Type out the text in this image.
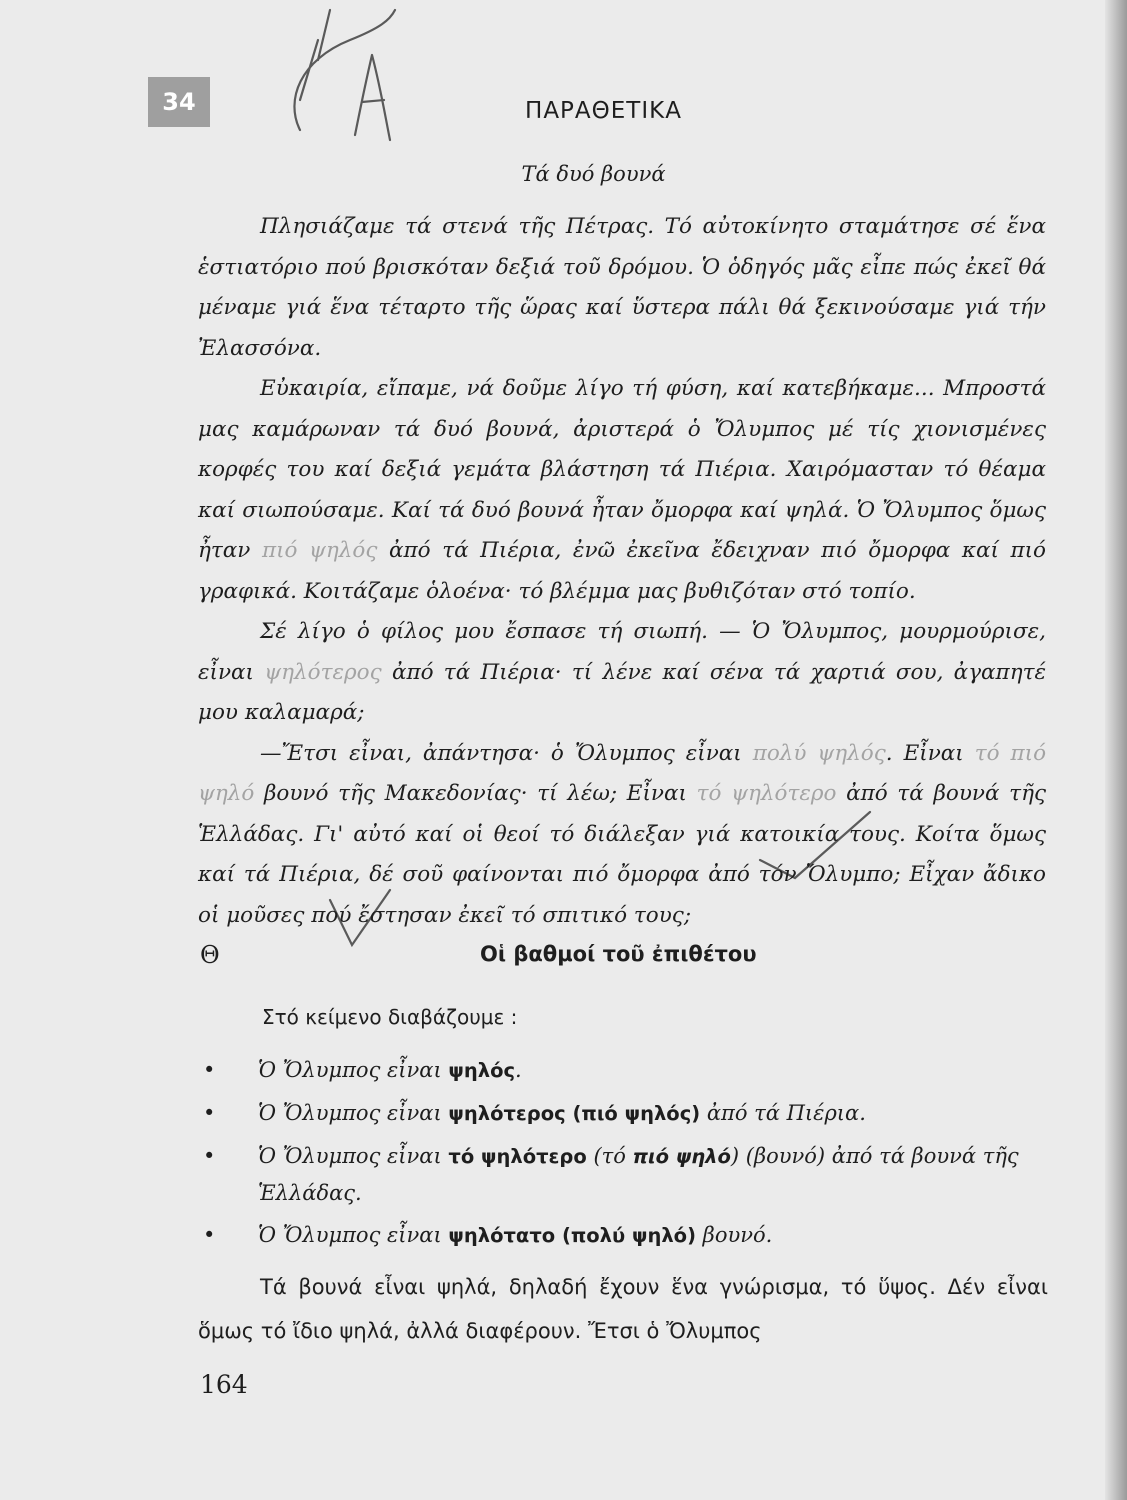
34	ΠΑΡΑΘΕΤΙΚΑ
Τά δυό βουνά

Πλησιάζαμε τά στενά τῆς Πέτρας. Τό αὐτοκίνητο σταμάτησε σέ ἕνα ἑστιατόριο πού βρισκόταν δεξιά τοῦ δρόμου. Ὁ ὁδηγός μᾶς εἶπε πώς ἐκεῖ θά μέναμε γιά ἕνα τέταρτο τῆς ὥρας καί ὕστερα πάλι θά ξεκινούσαμε γιά τήν Ἐλασσόνα.

Εὐκαιρία, εἴπαμε, νά δοῦμε λίγο τή φύση, καί κατεβήκαμε... Μπροστά μας καμάρωναν τά δυό βουνά, ἀριστερά ὁ Ὄλυμπος μέ τίς χιονισμένες κορφές του καί δεξιά γεμάτα βλάστηση τά Πιέρια. Χαιρόμασταν τό θέαμα καί σιωπούσαμε. Καί τά δυό βουνά ἦταν ὄμορφα καί ψηλά. Ὁ Ὄλυμπος ὅμως ἦταν πιό ψηλός ἀπό τά Πιέρια, ἐνῶ ἐκεῖνα ἔδειχναν πιό ὄμορφα καί πιό γραφικά. Κοιτάζαμε ὁλοένα· τό βλέμμα μας βυθιζόταν στό τοπίο.

Σέ λίγο ὁ φίλος μου ἔσπασε τή σιωπή. — Ὁ Ὄλυμπος, μουρμούρισε, εἶναι ψηλότερος ἀπό τά Πιέρια· τί λένε καί σένα τά χαρτιά σου, ἀγαπητέ μου καλαμαρά;

—Ἔτσι εἶναι, ἀπάντησα· ὁ Ὄλυμπος εἶναι πολύ ψηλός. Εἶναι τό πιό ψηλό βουνό τῆς Μακεδονίας· τί λέω; Εἶναι τό ψηλότερο ἀπό τά βουνά τῆς Ἑλλάδας. Γι' αὐτό καί οἱ θεοί τό διάλεξαν γιά κατοικία τους. Κοίτα ὅμως καί τά Πιέρια, δέ σοῦ φαίνονται πιό ὄμορφα ἀπό τόν Ὄλυμπο; Εἶχαν ἄδικο οἱ μοῦσες πού ἔστησαν ἐκεῖ τό σπιτικό τους;

Θ	Οἱ βαθμοί τοῦ ἐπιθέτου
Στό κείμενο διαβάζουμε :
• Ὁ Ὄλυμπος εἶναι ψηλός.
• Ὁ Ὄλυμπος εἶναι ψηλότερος (πιό ψηλός) ἀπό τά Πιέρια.
• Ὁ Ὄλυμπος εἶναι τό ψηλότερο (τό πιό ψηλό) (βουνό) ἀπό τά βουνά τῆς Ἑλλάδας.
• Ὁ Ὄλυμπος εἶναι ψηλότατο (πολύ ψηλό) βουνό.

Τά βουνά εἶναι ψηλά, δηλαδή ἔχουν ἕνα γνώρισμα, τό ὕψος. Δέν εἶναι ὅμως τό ἴδιο ψηλά, ἀλλά διαφέρουν. Ἔτσι ὁ Ὄλυμπος

164
